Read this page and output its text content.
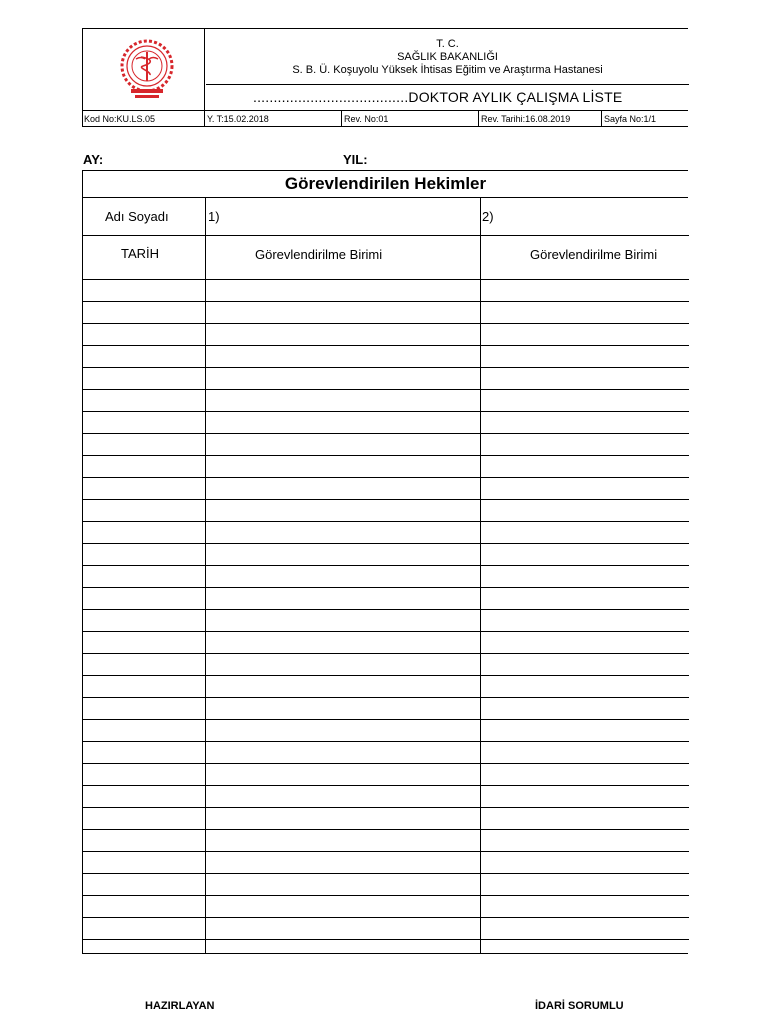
T. C.
SAĞLIK BAKANLIĞI
S. B. Ü. Koşuyolu Yüksek İhtisas Eğitim ve Araştırma Hastanesi
......................................DOKTOR AYLIK ÇALIŞMA LİSTE
Kod No:KU.LS.05	Y. T:15.02.2018	Rev. No:01	Rev. Tarihi:16.08.2019	Sayfa No:1/1
AY:	YIL:
Görevlendirilen Hekimler
Adı Soyadı	1)	2)
TARİH	Görevlendirilme Birimi	Görevlendirilme Birimi
HAZIRLAYAN	İDARİ SORUMLU
